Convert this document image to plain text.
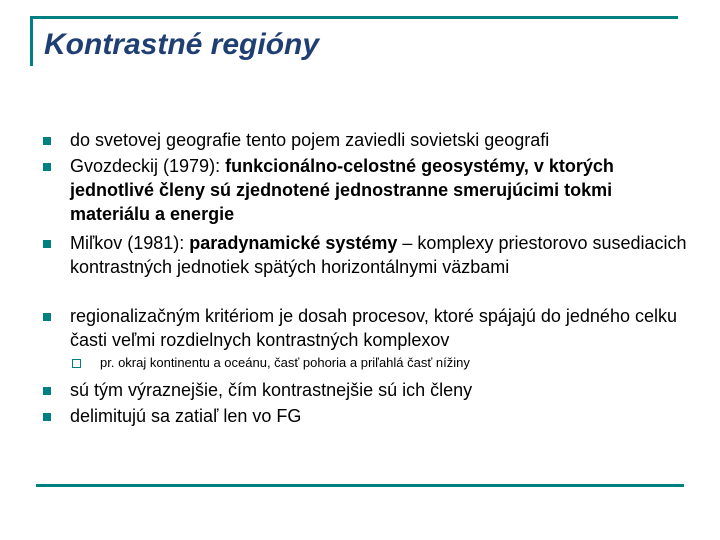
Kontrastné regióny
do svetovej geografie tento pojem zaviedli sovietski geografi
Gvozdeckij (1979): funkcionálno-celostné geosystémy, v ktorých jednotlivé členy sú zjednotené jednostranne smerujúcimi tokmi materiálu a energie
Miľkov (1981): paradynamické systémy – komplexy priestorovo susediacich kontrastných jednotiek spätých horizontálnymi väzbami
regionalizačným kritériom je dosah procesov, ktoré spájajú do jedného celku časti veľmi rozdielnych kontrastných komplexov
pr. okraj kontinentu a oceánu, časť pohoria a priľahlá časť nížiny
sú tým výraznejšie, čím kontrastnejšie sú ich členy
delimitujú sa zatiaľ len vo FG
